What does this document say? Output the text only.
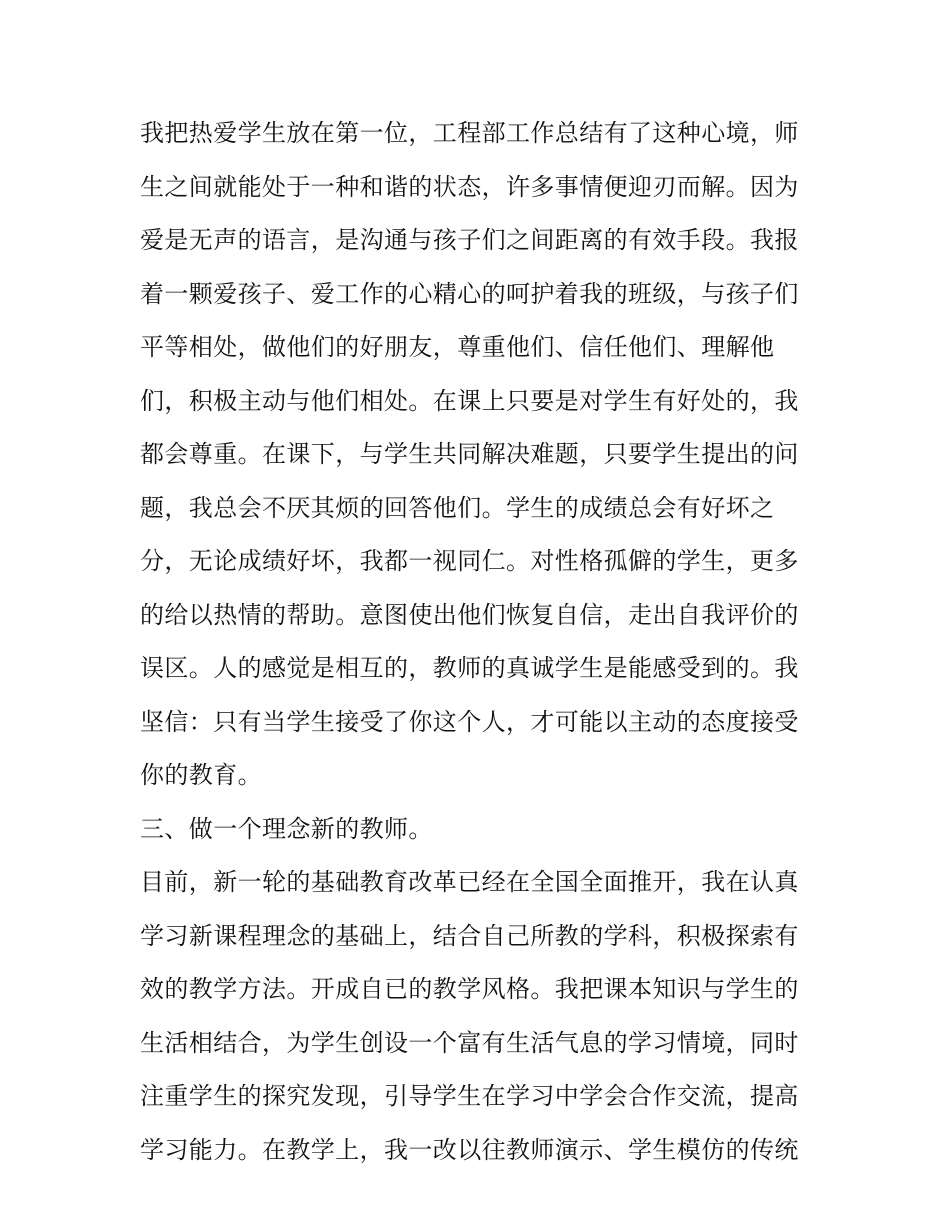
我把热爱学生放在第一位，工程部工作总结有了这种心境，师
生之间就能处于一种和谐的状态，许多事情便迎刃而解。因为
爱是无声的语言，是沟通与孩子们之间距离的有效手段。我报
着一颗爱孩子、爱工作的心精心的呵护着我的班级，与孩子们
平等相处，做他们的好朋友，尊重他们、信任他们、理解他
们，积极主动与他们相处。在课上只要是对学生有好处的，我
都会尊重。在课下，与学生共同解决难题，只要学生提出的问
题，我总会不厌其烦的回答他们。学生的成绩总会有好坏之
分，无论成绩好坏，我都一视同仁。对性格孤僻的学生，更多
的给以热情的帮助。意图使出他们恢复自信，走出自我评价的
误区。人的感觉是相互的，教师的真诚学生是能感受到的。我
坚信：只有当学生接受了你这个人，才可能以主动的态度接受
你的教育。
三、做一个理念新的教师。
目前，新一轮的基础教育改革已经在全国全面推开，我在认真
学习新课程理念的基础上，结合自己所教的学科，积极探索有
效的教学方法。开成自已的教学风格。我把课本知识与学生的
生活相结合，为学生创设一个富有生活气息的学习情境，同时
注重学生的探究发现，引导学生在学习中学会合作交流，提高
学习能力。在教学上，我一改以往教师演示、学生模仿的传统
